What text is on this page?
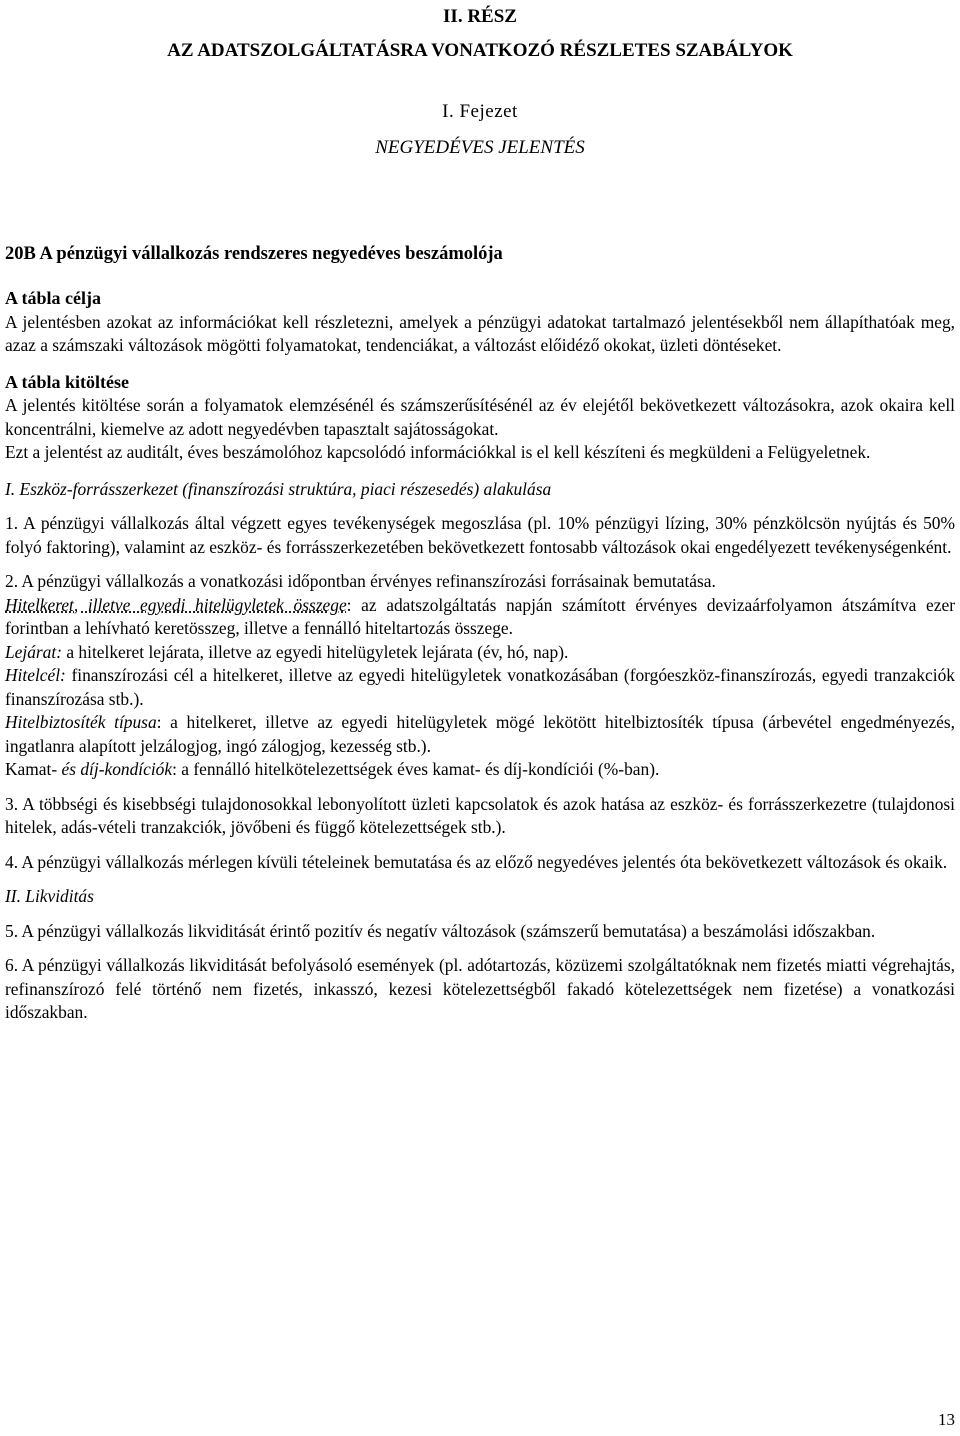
II. RÉSZ
AZ ADATSZOLGÁLTATÁSRA VONATKOZÓ RÉSZLETES SZABÁLYOK
I. Fejezet
NEGYEDÉVES JELENTÉS
20B A pénzügyi vállalkozás rendszeres negyedéves beszámolója
A tábla célja

A jelentésben azokat az információkat kell részletezni, amelyek a pénzügyi adatokat tartalmazó jelentésekből nem állapíthatóak meg, azaz a számszaki változások mögötti folyamatokat, tendenciákat, a változást előidéző okokat, üzleti döntéseket.

A tábla kitöltése

A jelentés kitöltése során a folyamatok elemzésénél és számszerűsítésénél az év elejétől bekövetkezett változásokra, azok okaira kell koncentrálni, kiemelve az adott negyedévben tapasztalt sajátosságokat.

Ezt a jelentést az auditált, éves beszámolóhoz kapcsolódó információkkal is el kell készíteni és megküldeni a Felügyeletnek.

I. Eszköz-forrásszerkezet (finanszírozási struktúra, piaci részesedés) alakulása

1. A pénzügyi vállalkozás által végzett egyes tevékenységek megoszlása (pl. 10% pénzügyi lízing, 30% pénzkölcsön nyújtás és 50% folyó faktoring), valamint az eszköz- és forrásszerkezetében bekövetkezett fontosabb változások okai engedélyezett tevékenységenként.

2. A pénzügyi vállalkozás a vonatkozási időpontban érvényes refinanszírozási forrásainak bemutatása.

Hitelkeret, illetve egyedi hitelügyletek összege: az adatszolgáltatás napján számított érvényes devizaárfolyamon átszámítva ezer forintban a lehívható keretösszeg, illetve a fennálló hiteltartozás összege.

Lejárat: a hitelkeret lejárata, illetve az egyedi hitelügyletek lejárata (év, hó, nap).

Hitelcél: finanszírozási cél a hitelkeret, illetve az egyedi hitelügyletek vonatkozásában (forgóeszköz-finanszírozás, egyedi tranzakciók finanszírozása stb.).

Hitelbiztosíték típusa: a hitelkeret, illetve az egyedi hitelügyletek mögé lekötött hitelbiztosíték típusa (árbevétel engedményezés, ingatlanra alapított jelzálogjog, ingó zálogjog, kezesség stb.).

Kamat- és díj-kondíciók: a fennálló hitelkötelezettségek éves kamat- és díj-kondíciói (%-ban).

3. A többségi és kisebbségi tulajdonosokkal lebonyolított üzleti kapcsolatok és azok hatása az eszköz- és forrásszerkezetre (tulajdonosi hitelek, adás-vételi tranzakciók, jövőbeni és függő kötelezettségek stb.).

4. A pénzügyi vállalkozás mérlegen kívüli tételeinek bemutatása és az előző negyedéves jelentés óta bekövetkezett változások és okaik.

II. Likviditás

5. A pénzügyi vállalkozás likviditását érintő pozitív és negatív változások (számszerű bemutatása) a beszámolási időszakban.

6. A pénzügyi vállalkozás likviditását befolyásoló események (pl. adótartozás, közüzemi szolgáltatóknak nem fizetés miatti végrehajtás, refinanszírozó felé történő nem fizetés, inkasszó, kezesi kötelezettségből fakadó kötelezettségek nem fizetése) a vonatkozási időszakban.

13
